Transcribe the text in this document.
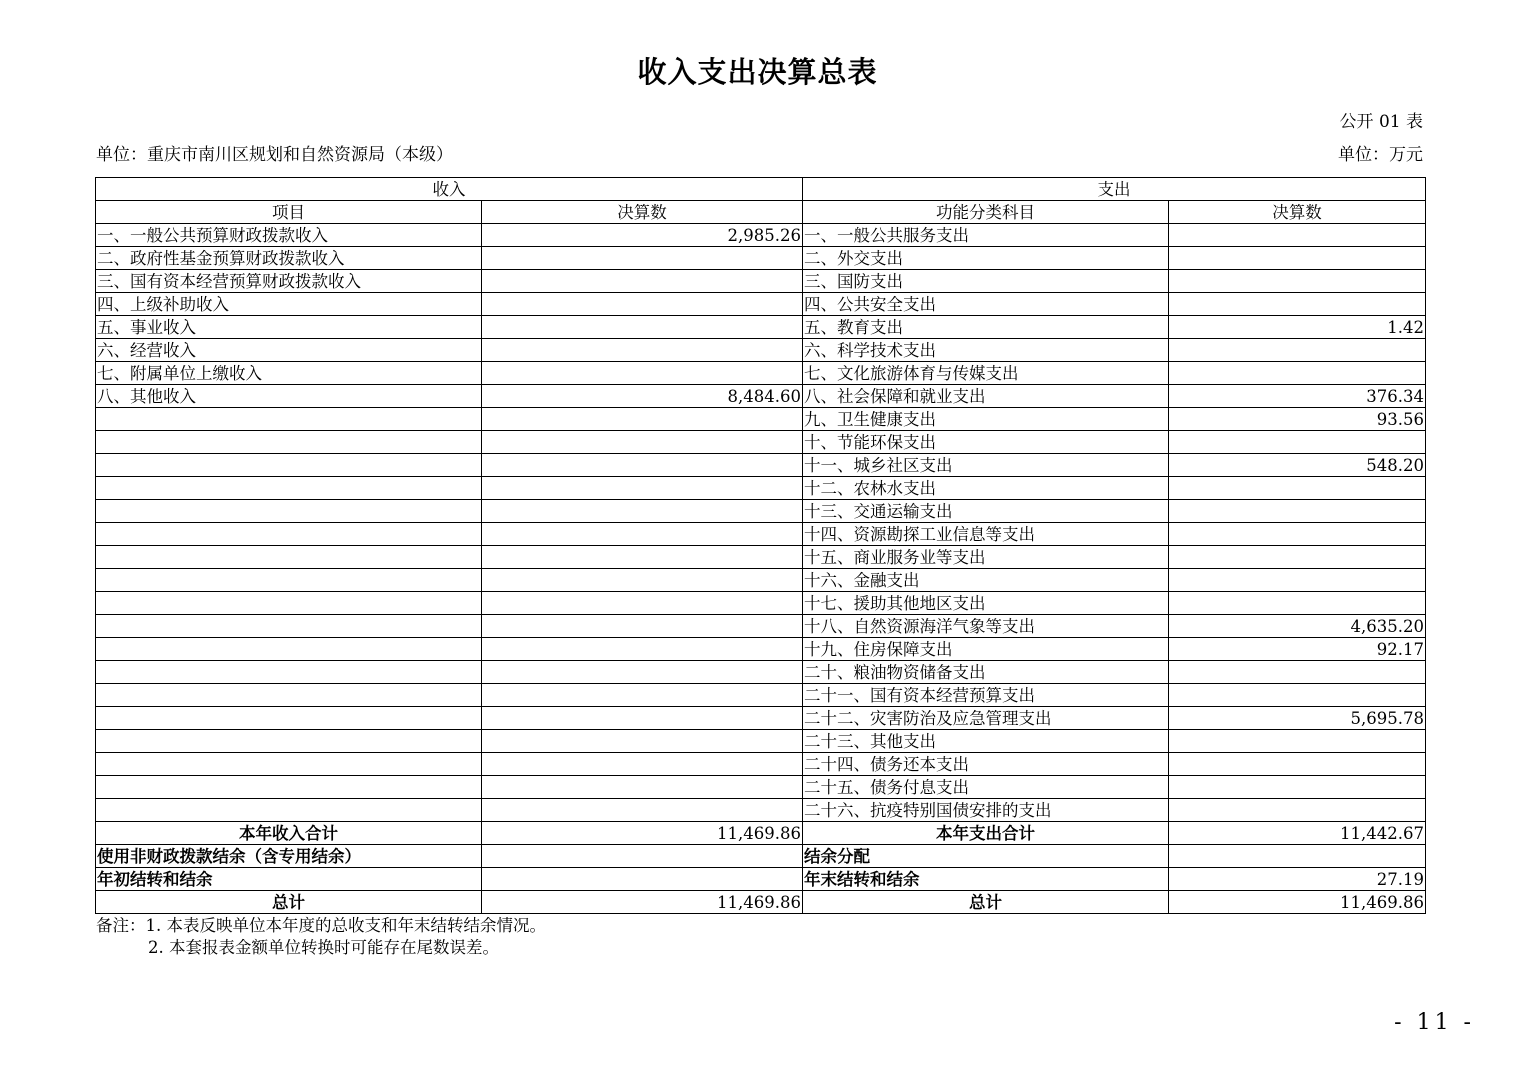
收入支出决算总表
公开 01 表
单位：重庆市南川区规划和自然资源局（本级）	单位：万元
收入		支出	
项目	决算数	功能分类科目	决算数
一、一般公共预算财政拨款收入	2,985.26	一、一般公共服务支出	
二、政府性基金预算财政拨款收入		二、外交支出	
三、国有资本经营预算财政拨款收入		三、国防支出	
四、上级补助收入		四、公共安全支出	
五、事业收入		五、教育支出	1.42
六、经营收入		六、科学技术支出	
七、附属单位上缴收入		七、文化旅游体育与传媒支出	
八、其他收入	8,484.60	八、社会保障和就业支出	376.34
		九、卫生健康支出	93.56
		十、节能环保支出	
		十一、城乡社区支出	548.20
		十二、农林水支出	
		十三、交通运输支出	
		十四、资源勘探工业信息等支出	
		十五、商业服务业等支出	
		十六、金融支出	
		十七、援助其他地区支出	
		十八、自然资源海洋气象等支出	4,635.20
		十九、住房保障支出	92.17
		二十、粮油物资储备支出	
		二十一、国有资本经营预算支出	
		二十二、灾害防治及应急管理支出	5,695.78
		二十三、其他支出	
		二十四、债务还本支出	
		二十五、债务付息支出	
		二十六、抗疫特别国债安排的支出	
本年收入合计	11,469.86	本年支出合计	11,442.67
使用非财政拨款结余（含专用结余）		结余分配	
年初结转和结余		年末结转和结余	27.19
总计	11,469.86	总计	11,469.86
备注：1. 本表反映单位本年度的总收支和年末结转结余情况。
2. 本套报表金额单位转换时可能存在尾数误差。
- 11 -
